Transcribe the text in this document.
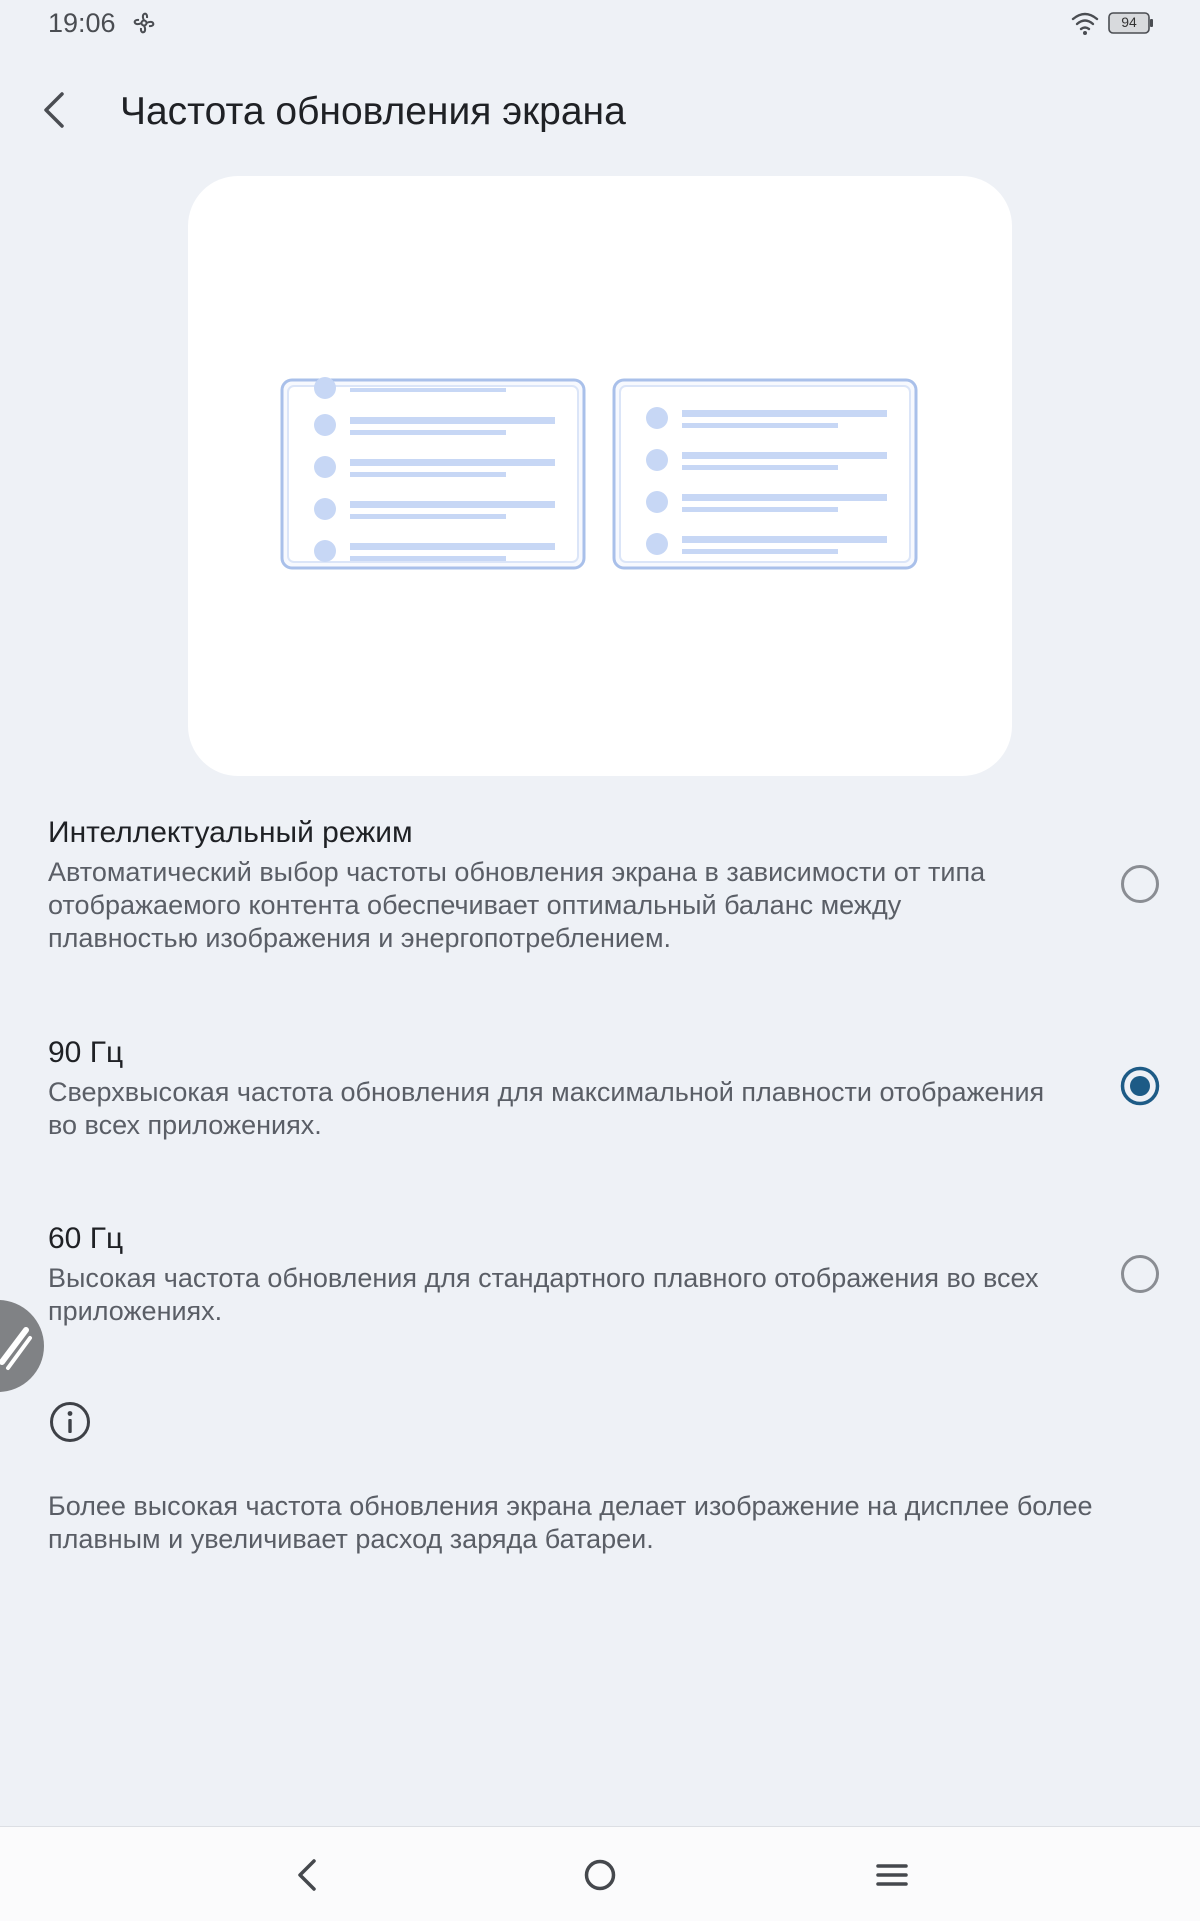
19:06	94
Частота обновления экрана
Интеллектуальный режим
Автоматический выбор частоты обновления экрана в зависимости от типа отображаемого контента обеспечивает оптимальный баланс между плавностью изображения и энергопотреблением.
90 Гц
Сверхвысокая частота обновления для максимальной плавности отображения во всех приложениях.
60 Гц
Высокая частота обновления для стандартного плавного отображения во всех приложениях.
Более высокая частота обновления экрана делает изображение на дисплее более плавным и увеличивает расход заряда батареи.
